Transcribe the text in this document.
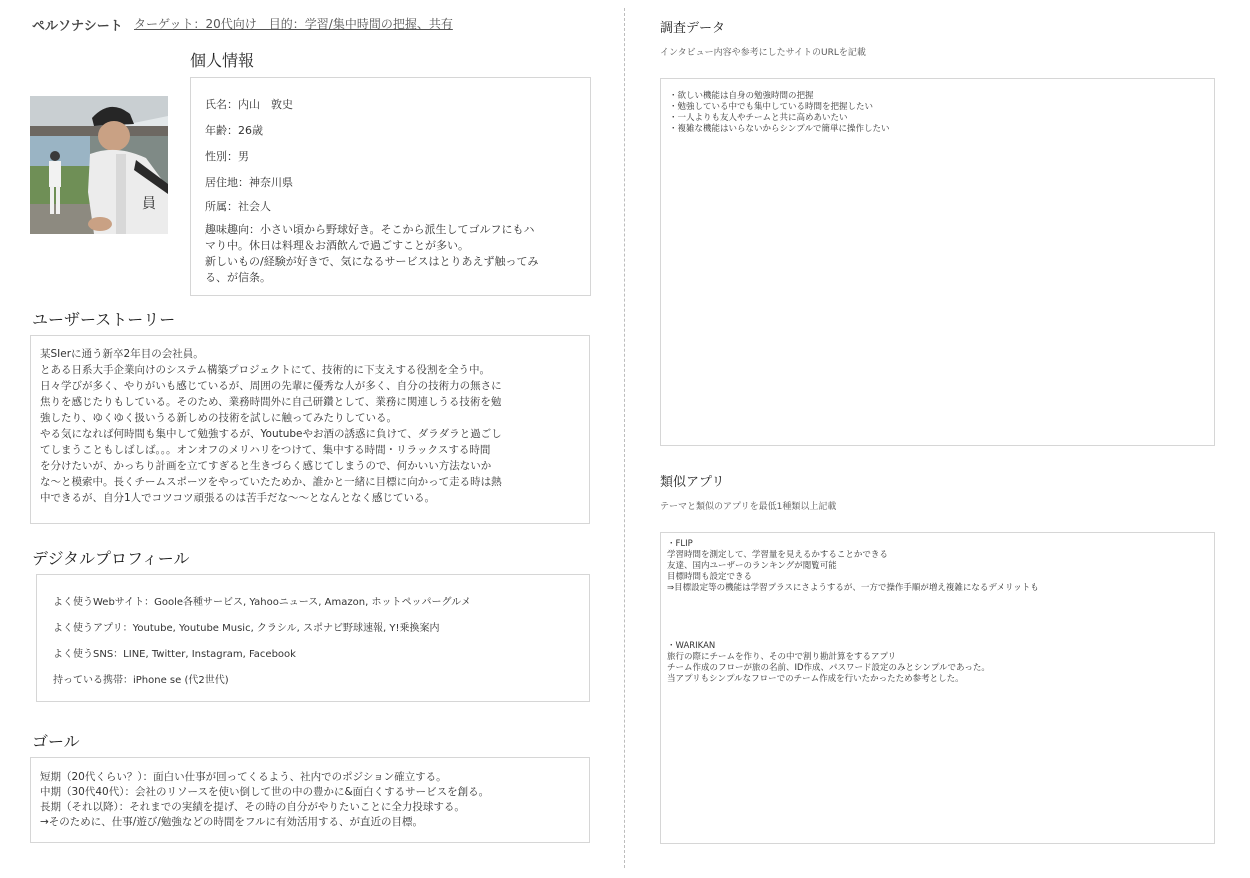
ペルソナシート ターゲット：20代向け　目的：学習/集中時間の把握、共有
個人情報
員
氏名：内山　敦史
年齢：26歳
性別：男
居住地：神奈川県
所属：社会人
趣味趣向：小さい頃から野球好き。そこから派生してゴルフにもハ
マり中。休日は料理＆お酒飲んで過ごすことが多い。
新しいもの/経験が好きで、気になるサービスはとりあえず触ってみ
る、が信条。
ユーザーストーリー
某SIerに通う新卒2年目の会社員。
とある日系大手企業向けのシステム構築プロジェクトにて、技術的に下支えする役割を全う中。
日々学びが多く、やりがいも感じているが、周囲の先輩に優秀な人が多く、自分の技術力の無さに
焦りを感じたりもしている。そのため、業務時間外に自己研鑽として、業務に関連しうる技術を勉
強したり、ゆくゆく扱いうる新しめの技術を試しに触ってみたりしている。
やる気になれば何時間も集中して勉強するが、Youtubeやお酒の誘惑に負けて、ダラダラと過ごし
てしまうこともしばしば。。。オンオフのメリハリをつけて、集中する時間・リラックスする時間
を分けたいが、かっちり計画を立てすぎると生きづらく感じてしまうので、何かいい方法ないか
な～と模索中。長くチームスポーツをやっていたためか、誰かと一緒に目標に向かって走る時は熱
中できるが、自分1人でコツコツ頑張るのは苦手だな～～となんとなく感じている。
デジタルプロフィール
よく使うWebサイト：Goole各種サービス, Yahooニュース, Amazon, ホットペッパーグルメ
よく使うアプリ：Youtube, Youtube Music, クラシル, スポナビ野球速報, Y!乗換案内
よく使うSNS：LINE, Twitter, Instagram, Facebook
持っている携帯：iPhone se (代2世代)
ゴール
短期（20代くらい？）：面白い仕事が回ってくるよう、社内でのポジション確立する。
中期（30代40代）：会社のリソースを使い倒して世の中の豊かに&面白くするサービスを創る。
長期（それ以降）：それまでの実績を提げ、その時の自分がやりたいことに全力投球する。
→そのために、仕事/遊び/勉強などの時間をフルに有効活用する、が直近の目標。
調査データ
インタビュー内容や参考にしたサイトのURLを記載
・欲しい機能は自身の勉強時間の把握
・勉強している中でも集中している時間を把握したい
・一人よりも友人やチームと共に高めあいたい
・複雑な機能はいらないからシンプルで簡単に操作したい
類似アプリ
テーマと類似のアプリを最低1種類以上記載
・FLIP
学習時間を測定して、学習量を見えるかすることかできる
友達、国内ユーザーのランキングが閲覧可能
目標時間も設定できる
⇒目標設定等の機能は学習プラスにさようするが、一方で操作手順が増え複雑になるデメリットも
・WARIKAN
旅行の際にチームを作り、その中で割り勘計算をするアプリ
チーム作成のフローが旅の名前、ID作成、パスワード設定のみとシンプルであった。
当アプリもシンプルなフローでのチーム作成を行いたかったため参考とした。
